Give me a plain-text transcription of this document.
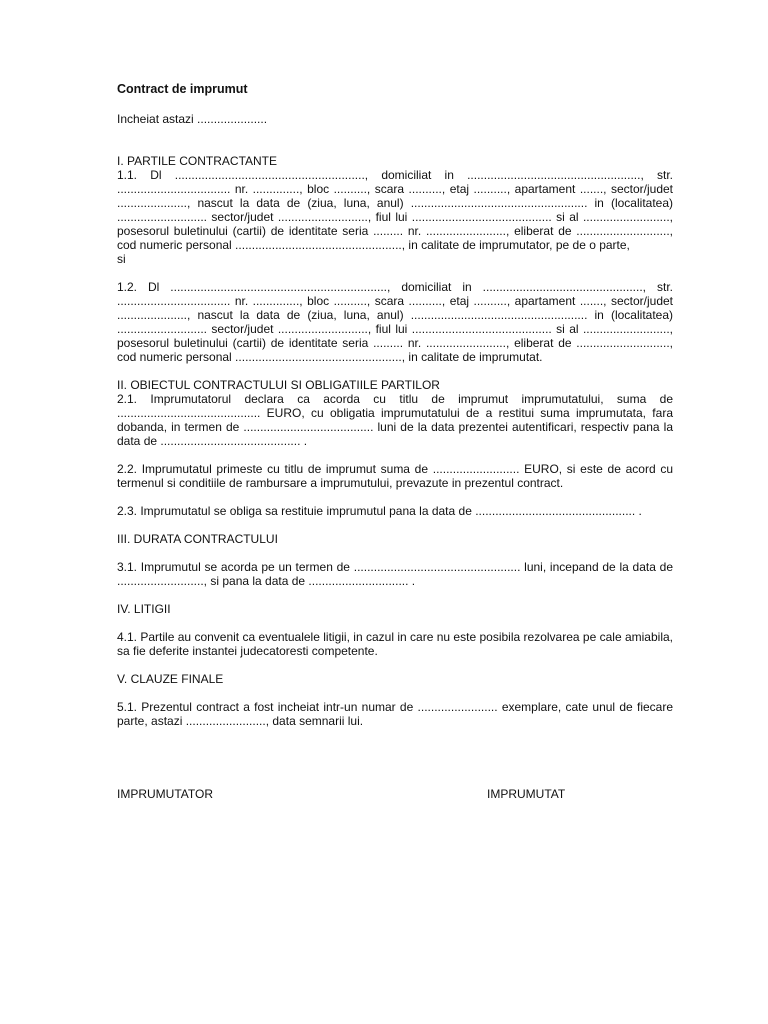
Contract de imprumut

Incheiat astazi .....................

I. PARTILE CONTRACTANTE

1.1. Dl ........................................................., domiciliat in ...................................................., str. .................................. nr. .............., bloc .........., scara .........., etaj .........., apartament ......., sector/judet ....................., nascut la data de (ziua, luna, anul) ..................................................... in (localitatea) ........................... sector/judet ..........................., fiul lui .......................................... si al .........................., posesorul buletinului (cartii) de identitate seria ......... nr. ........................, eliberat de ............................, cod numeric personal .................................................., in calitate de imprumutator, pe de o parte,

si

1.2. Dl ................................................................., domiciliat in ................................................, str. .................................. nr. .............., bloc .........., scara .........., etaj .........., apartament ......., sector/judet ....................., nascut la data de (ziua, luna, anul) ..................................................... in (localitatea) ........................... sector/judet ..........................., fiul lui .......................................... si al .........................., posesorul buletinului (cartii) de identitate seria ......... nr. ........................, eliberat de ............................, cod numeric personal .................................................., in calitate de imprumutat.

II. OBIECTUL CONTRACTULUI SI OBLIGATIILE PARTILOR

2.1. Imprumutatorul declara ca acorda cu titlu de imprumut imprumutatului, suma de ........................................... EURO, cu obligatia imprumutatului de a restitui suma imprumutata, fara dobanda, in termen de ....................................... luni de la data prezentei autentificari, respectiv pana la data de .......................................... .

2.2. Imprumutatul primeste cu titlu de imprumut suma de .......................... EURO, si este de acord cu termenul si conditiile de rambursare a imprumutului, prevazute in prezentul contract.

2.3. Imprumutatul se obliga sa restituie imprumutul pana la data de ................................................ .

III. DURATA CONTRACTULUI

3.1. Imprumutul se acorda pe un termen de .................................................. luni, incepand de la data de .........................., si pana la data de .............................. .

IV. LITIGII

4.1. Partile au convenit ca eventualele litigii, in cazul in care nu este posibila rezolvarea pe cale amiabila, sa fie deferite instantei judecatoresti competente.

V. CLAUZE FINALE

5.1. Prezentul contract a fost incheiat intr-un numar de ........................ exemplare, cate unul de fiecare parte, astazi ........................, data semnarii lui.

IMPRUMUTATOR	IMPRUMUTAT
